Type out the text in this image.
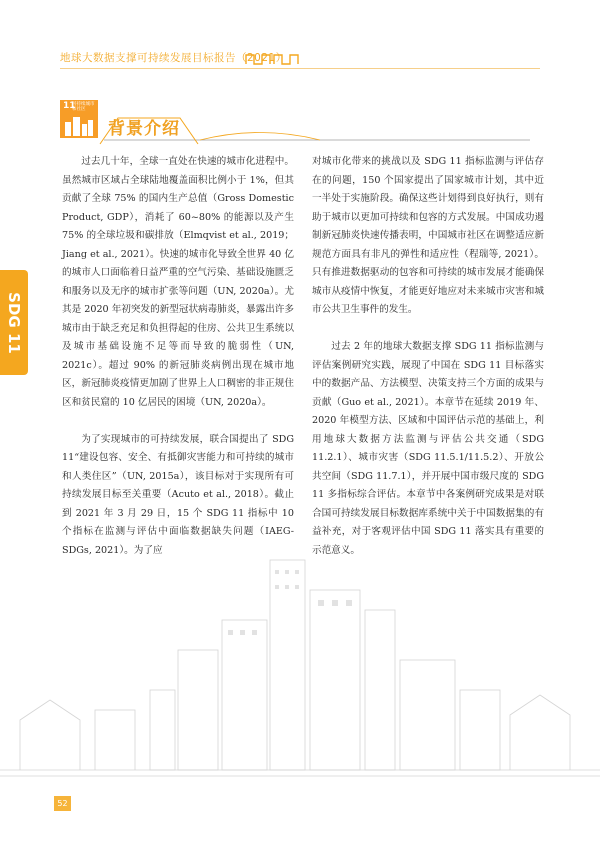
地球大数据支撑可持续发展目标报告（2021）
SDG 11
11
可持续城市和社区
背景介绍

过去几十年，全球一直处在快速的城市化进程中。虽然城市区域占全球陆地覆盖面积比例小于 1%，但其贡献了全球 75% 的国内生产总值（Gross Domestic Product, GDP），消耗了 60~80% 的能源以及产生 75% 的全球垃圾和碳排放（Elmqvist et al., 2019；Jiang et al., 2021）。快速的城市化导致全世界 40 亿的城市人口面临着日益严重的空气污染、基础设施匮乏和服务以及无序的城市扩张等问题（UN, 2020a）。尤其是 2020 年初突发的新型冠状病毒肺炎，暴露出许多城市由于缺乏充足和负担得起的住房、公共卫生系统以及城市基础设施不足等而导致的脆弱性（UN, 2021c）。超过 90% 的新冠肺炎病例出现在城市地区，新冠肺炎疫情更加剧了世界上人口稠密的非正规住区和贫民窟的 10 亿居民的困境（UN, 2020a）。

为了实现城市的可持续发展，联合国提出了 SDG 11“建设包容、安全、有抵御灾害能力和可持续的城市和人类住区”（UN, 2015a），该目标对于实现所有可持续发展目标至关重要（Acuto et al., 2018）。截止到 2021 年 3 月 29 日，15 个 SDG 11 指标中 10 个指标在监测与评估中面临数据缺失问题（IAEG-SDGs, 2021）。为了应

对城市化带来的挑战以及 SDG 11 指标监测与评估存在的问题，150 个国家提出了国家城市计划，其中近一半处于实施阶段。确保这些计划得到良好执行，则有助于城市以更加可持续和包容的方式发展。中国成功遏制新冠肺炎快速传播表明，中国城市社区在调整适应新规范方面具有非凡的弹性和适应性（程瑞等, 2021）。只有推进数据驱动的包容和可持续的城市发展才能确保城市从疫情中恢复，才能更好地应对未来城市灾害和城市公共卫生事件的发生。

过去 2 年的地球大数据支撑 SDG 11 指标监测与评估案例研究实践，展现了中国在 SDG 11 目标落实中的数据产品、方法模型、决策支持三个方面的成果与贡献（Guo et al., 2021）。本章节在延续 2019 年、2020 年模型方法、区域和中国评估示范的基础上，利用地球大数据方法监测与评估公共交通（SDG 11.2.1）、城市灾害（SDG 11.5.1/11.5.2）、开放公共空间（SDG 11.7.1），并开展中国市级尺度的 SDG 11 多指标综合评估。本章节中各案例研究成果是对联合国可持续发展目标数据库系统中关于中国数据集的有益补充，对于客观评估中国 SDG 11 落实具有重要的示范意义。

52
